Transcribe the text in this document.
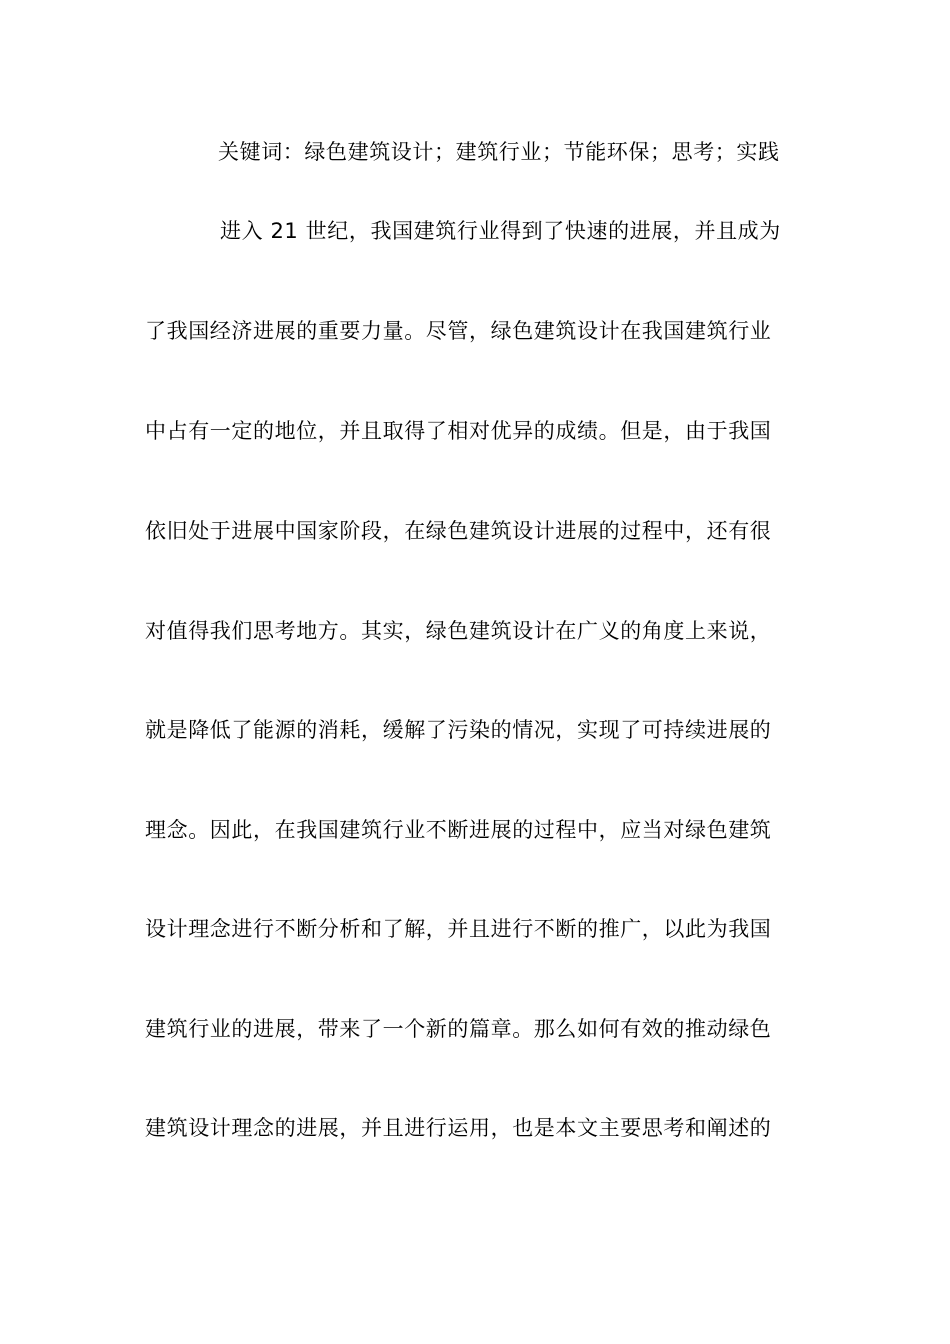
关键词：绿色建筑设计；建筑行业；节能环保；思考；实践
进入 21 世纪，我国建筑行业得到了快速的进展，并且成为
了我国经济进展的重要力量。尽管，绿色建筑设计在我国建筑行业
中占有一定的地位，并且取得了相对优异的成绩。但是，由于我国
依旧处于进展中国家阶段，在绿色建筑设计进展的过程中，还有很
对值得我们思考地方。其实，绿色建筑设计在广义的角度上来说，
就是降低了能源的消耗，缓解了污染的情况，实现了可持续进展的
理念。因此，在我国建筑行业不断进展的过程中，应当对绿色建筑
设计理念进行不断分析和了解，并且进行不断的推广，以此为我国
建筑行业的进展，带来了一个新的篇章。那么如何有效的推动绿色
建筑设计理念的进展，并且进行运用，也是本文主要思考和阐述的
